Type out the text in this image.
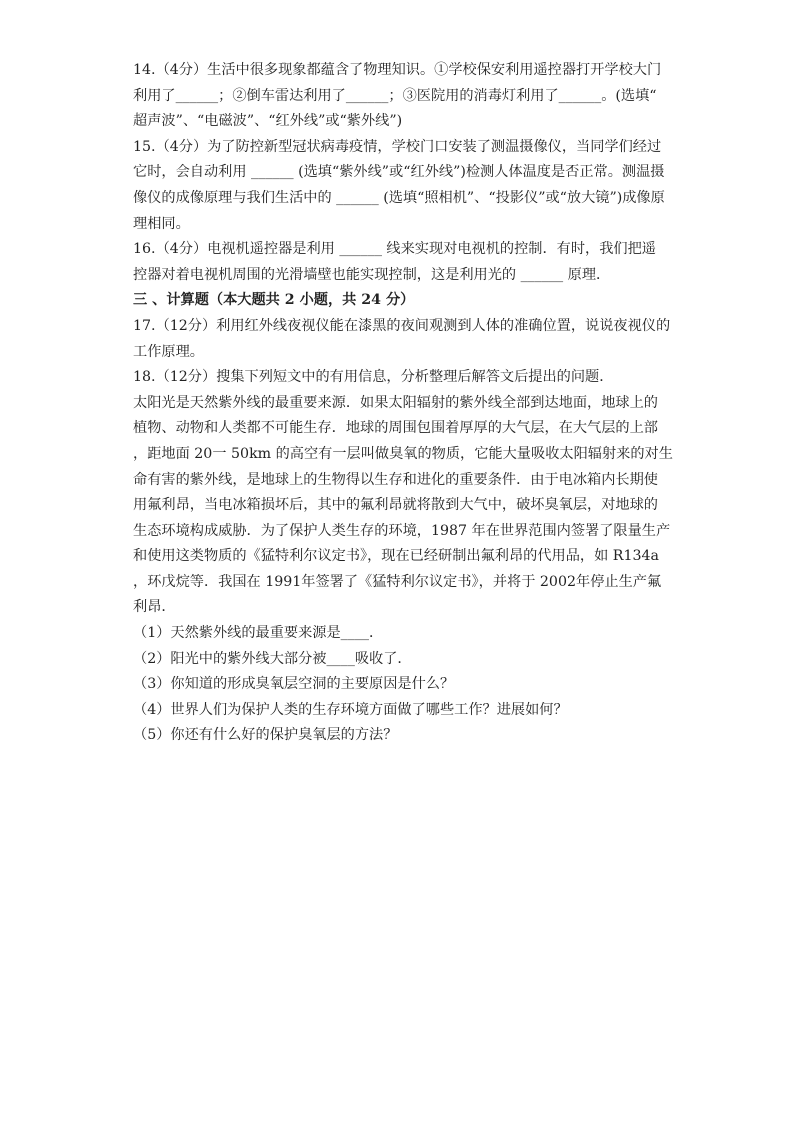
14.（4分）生活中很多现象都蕴含了物理知识。①学校保安利用遥控器打开学校大门
利用了______；②倒车雷达利用了______；③医院用的消毒灯利用了______。(选填“
超声波”、“电磁波”、“红外线”或“紫外线”)
15.（4分）为了防控新型冠状病毒疫情，学校门口安装了测温摄像仪，当同学们经过
它时，会自动利用 ______ (选填“紫外线”或“红外线”)检测人体温度是否正常。测温摄
像仪的成像原理与我们生活中的 ______ (选填“照相机”、“投影仪”或“放大镜”)成像原
理相同。
16.（4分）电视机遥控器是利用 ______ 线来实现对电视机的控制．有时，我们把遥
控器对着电视机周围的光滑墙壁也能实现控制，这是利用光的 ______ 原理．
三 、计算题（本大题共 2 小题，共 24 分）
17.（12分）利用红外线夜视仪能在漆黑的夜间观测到人体的准确位置，说说夜视仪的
工作原理。
18.（12分）搜集下列短文中的有用信息，分析整理后解答文后提出的问题．
太阳光是天然紫外线的最重要来源．如果太阳辐射的紫外线全部到达地面，地球上的
植物、动物和人类都不可能生存．地球的周围包围着厚厚的大气层，在大气层的上部
，距地面 20一 50km 的高空有一层叫做臭氧的物质，它能大量吸收太阳辐射来的对生
命有害的紫外线，是地球上的生物得以生存和进化的重要条件．由于电冰箱内长期使
用氟利昂，当电冰箱损坏后，其中的氟利昂就将散到大气中，破坏臭氧层，对地球的
生态环境构成威胁．为了保护人类生存的环境，1987 年在世界范围内签署了限量生产
和使用这类物质的《猛特利尔议定书》，现在已经研制出氟利昂的代用品，如 R134a
，环戊烷等．我国在 1991年签署了《猛特利尔议定书》，并将于 2002年停止生产氟
利昂．
（1）天然紫外线的最重要来源是____．
（2）阳光中的紫外线大部分被____吸收了．
（3）你知道的形成臭氧层空洞的主要原因是什么？
（4）世界人们为保护人类的生存环境方面做了哪些工作？进展如何？
（5）你还有什么好的保护臭氧层的方法？
